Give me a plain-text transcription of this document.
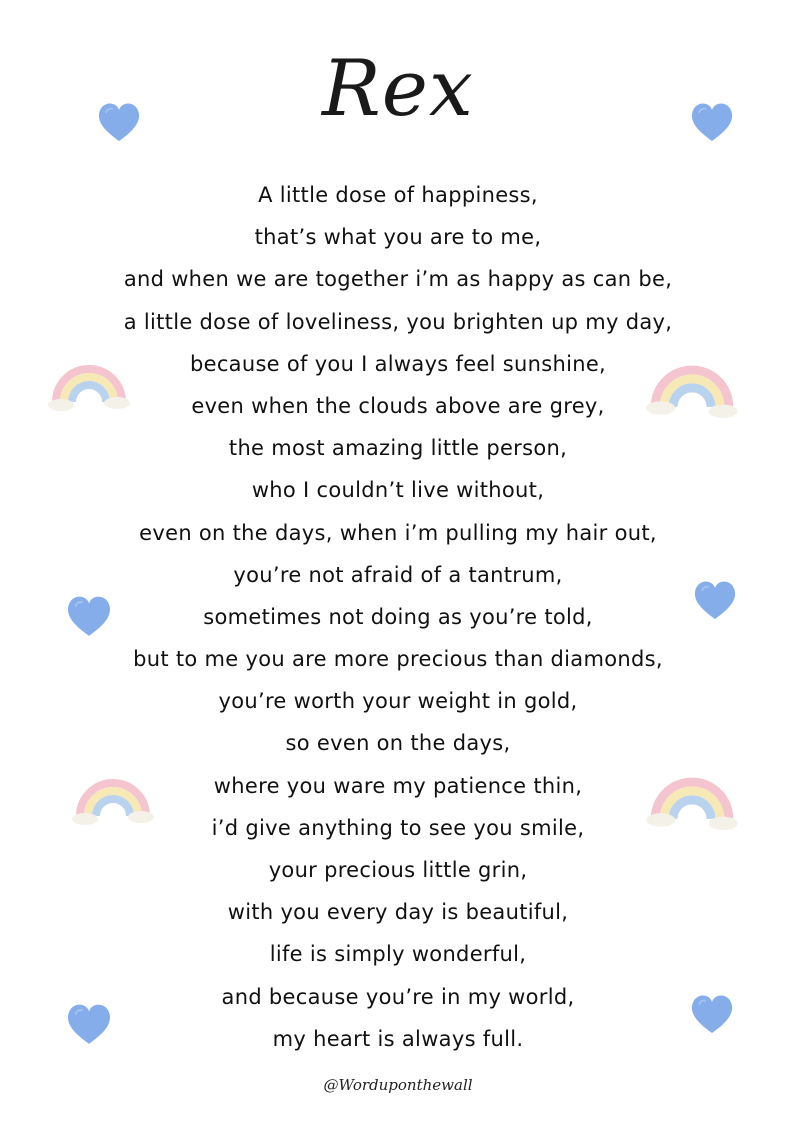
Rex
A little dose of happiness,
that’s what you are to me,
and when we are together i’m as happy as can be,
a little dose of loveliness, you brighten up my day,
because of you I always feel sunshine,
even when the clouds above are grey,
the most amazing little person,
who I couldn’t live without,
even on the days, when i’m pulling my hair out,
you’re not afraid of a tantrum,
sometimes not doing as you’re told,
but to me you are more precious than diamonds,
you’re worth your weight in gold,
so even on the days,
where you ware my patience thin,
i’d give anything to see you smile,
your precious little grin,
with you every day is beautiful,
life is simply wonderful,
and because you’re in my world,
my heart is always full.
@Worduponthewall
